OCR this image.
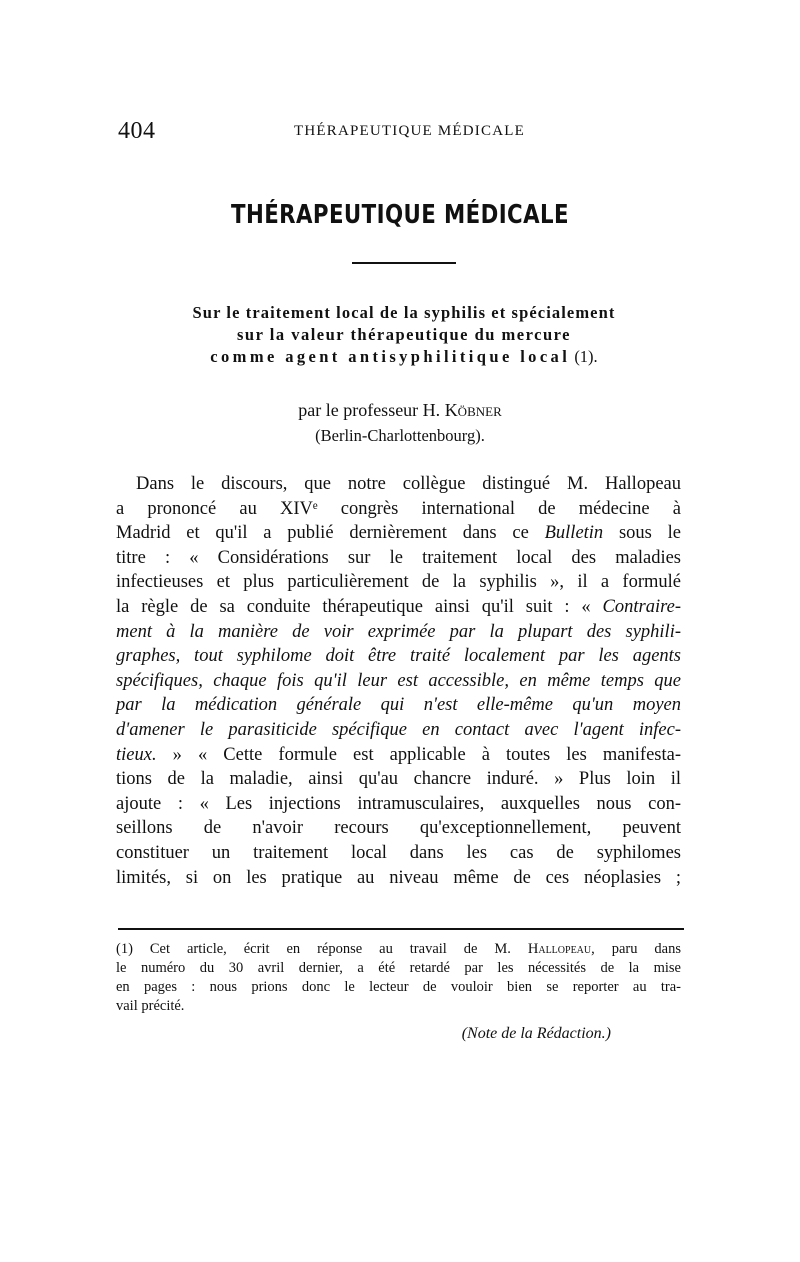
404	THÉRAPEUTIQUE MÉDICALE
THÉRAPEUTIQUE MÉDICALE
Sur le traitement local de la syphilis et spécialement
sur la valeur thérapeutique du mercure
comme agent antisyphilitique local (1).
par le professeur H. Köbner
(Berlin-Charlottenbourg).
Dans le discours, que notre collègue distingué M. Hallopeau
a prononcé au XIVᵉ congrès international de médecine à
Madrid et qu'il a publié dernièrement dans ce Bulletin sous le
titre : « Considérations sur le traitement local des maladies
infectieuses et plus particulièrement de la syphilis », il a formulé
la règle de sa conduite thérapeutique ainsi qu'il suit : « Contraire-
ment à la manière de voir exprimée par la plupart des syphili-
graphes, tout syphilome doit être traité localement par les agents
spécifiques, chaque fois qu'il leur est accessible, en même temps que
par la médication générale qui n'est elle-même qu'un moyen
d'amener le parasiticide spécifique en contact avec l'agent infec-
tieux. » « Cette formule est applicable à toutes les manifesta-
tions de la maladie, ainsi qu'au chancre induré. » Plus loin il
ajoute : « Les injections intramusculaires, auxquelles nous con-
seillons de n'avoir recours qu'exceptionnellement, peuvent
constituer un traitement local dans les cas de syphilomes
limités, si on les pratique au niveau même de ces néoplasies ;
(1) Cet article, écrit en réponse au travail de M. Hallopeau, paru dans
le numéro du 30 avril dernier, a été retardé par les nécessités de la mise
en pages : nous prions donc le lecteur de vouloir bien se reporter au tra-
vail précité.
(Note de la Rédaction.)
